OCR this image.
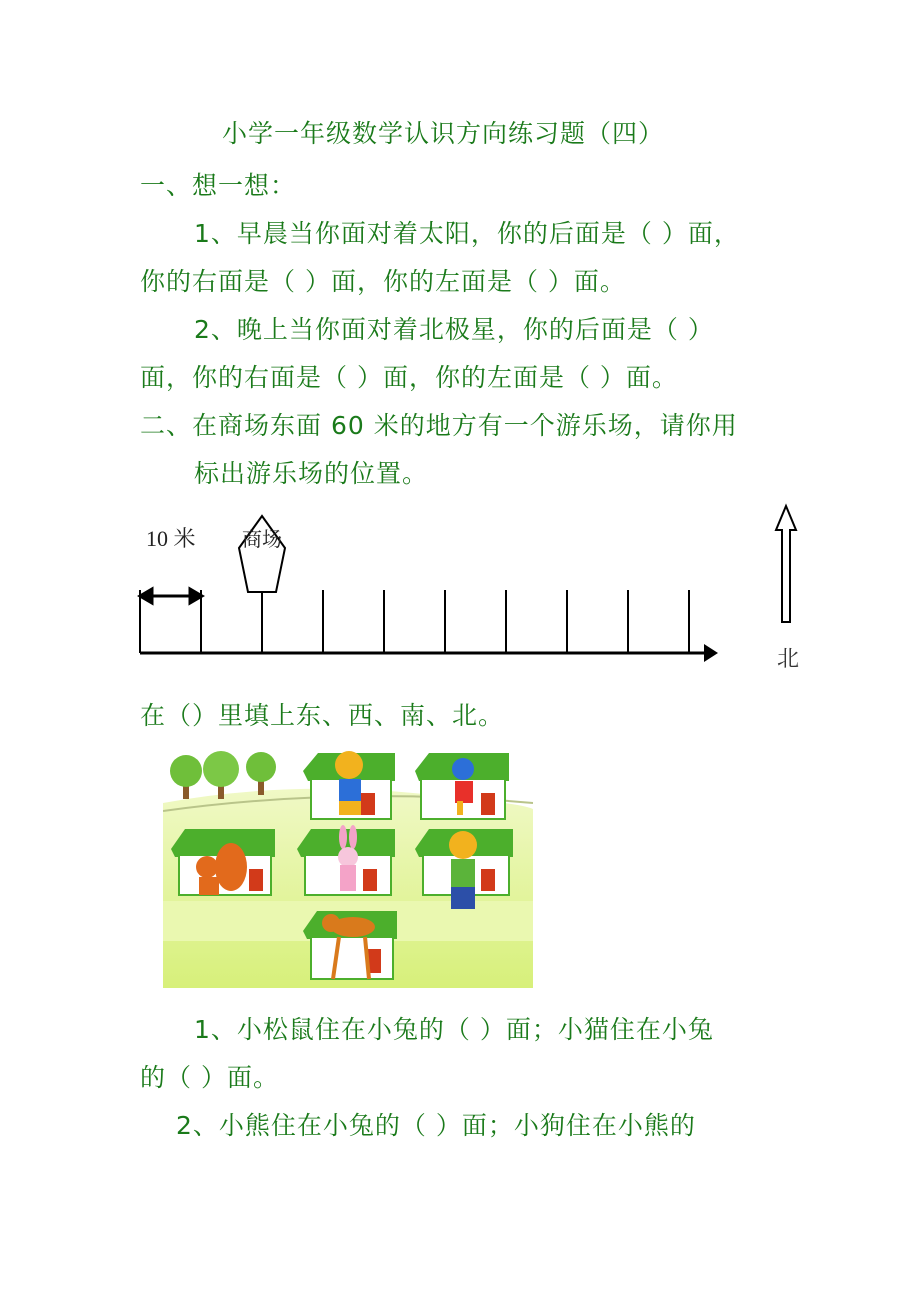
小学一年级数学认识方向练习题（四）
一、想一想：
1、早晨当你面对着太阳，你的后面是（ ）面，
你的右面是（ ）面，你的左面是（ ）面。
2、晚上当你面对着北极星，你的后面是（ ）
面，你的右面是（ ）面，你的左面是（ ）面。
二、在商场东面 60 米的地方有一个游乐场，请你用
标出游乐场的位置。
10 米 商场
北
在（）里填上东、西、南、北。
1、小松鼠住在小兔的（ ）面；小猫住在小兔
的（ ）面。
2、小熊住在小兔的（ ）面；小狗住在小熊的
